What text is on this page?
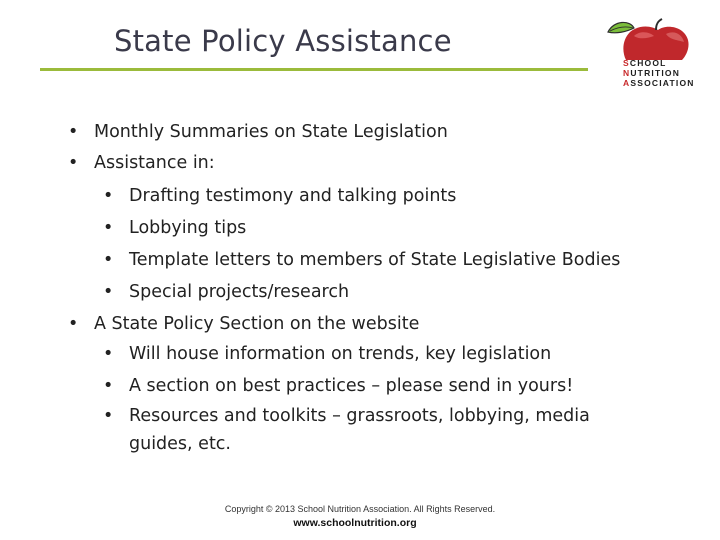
State Policy Assistance
SCHOOL
NUTRITION
ASSOCIATION
• Monthly Summaries on State Legislation
• Assistance in:
• Drafting testimony and talking points
• Lobbying tips
• Template letters to members of State Legislative Bodies
• Special projects/research
• A State Policy Section on the website
• Will house information on trends, key legislation
• A section on best practices – please send in yours!
• Resources and toolkits – grassroots, lobbying, media guides, etc.
Copyright © 2013 School Nutrition Association. All Rights Reserved.
www.schoolnutrition.org
